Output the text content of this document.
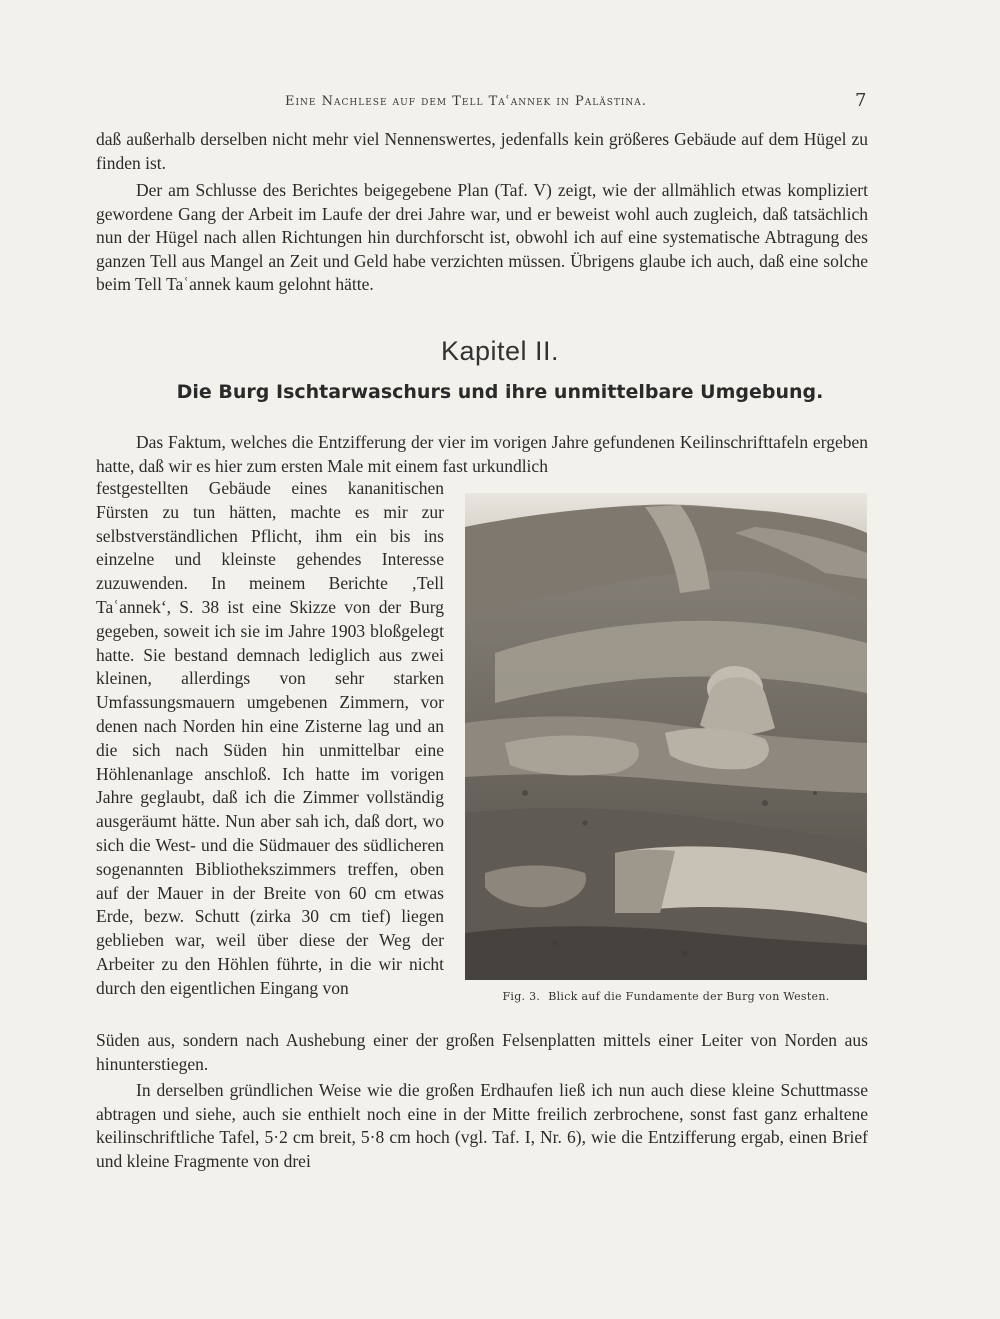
Eine Nachlese auf dem Tell Taʿannek in Palästina.	7

daß außerhalb derselben nicht mehr viel Nennenswertes, jedenfalls kein größeres Gebäude auf dem Hügel zu finden ist.

Der am Schlusse des Berichtes beigegebene Plan (Taf. V) zeigt, wie der allmählich etwas kompliziert gewordene Gang der Arbeit im Laufe der drei Jahre war, und er beweist wohl auch zugleich, daß tatsächlich nun der Hügel nach allen Richtungen hin durchforscht ist, obwohl ich auf eine systematische Abtragung des ganzen Tell aus Mangel an Zeit und Geld habe verzichten müssen. Übrigens glaube ich auch, daß eine solche beim Tell Taʿannek kaum gelohnt hätte.

Kapitel II.
Die Burg Ischtarwaschurs und ihre unmittelbare Umgebung.

Das Faktum, welches die Entzifferung der vier im vorigen Jahre gefundenen Keilinschrifttafeln ergeben hatte, daß wir es hier zum ersten Male mit einem fast urkundlich

festgestellten Gebäude eines kananitischen Fürsten zu tun hätten, machte es mir zur selbstverständlichen Pflicht, ihm ein bis ins einzelne und kleinste gehendes Interesse zuzuwenden. In meinem Berichte ‚Tell Taʿannek‘, S. 38 ist eine Skizze von der Burg gegeben, soweit ich sie im Jahre 1903 bloßgelegt hatte. Sie bestand demnach lediglich aus zwei kleinen, allerdings von sehr starken Umfassungsmauern umgebenen Zimmern, vor denen nach Norden hin eine Zisterne lag und an die sich nach Süden hin unmittelbar eine Höhlenanlage anschloß. Ich hatte im vorigen Jahre geglaubt, daß ich die Zimmer vollständig ausgeräumt hätte. Nun aber sah ich, daß dort, wo sich die West- und die Südmauer des südlicheren sogenannten Bibliothekszimmers treffen, oben auf der Mauer in der Breite von 60 cm etwas Erde, bezw. Schutt (zirka 30 cm tief) liegen geblieben war, weil über diese der Weg der Arbeiter zu den Höhlen führte, in die wir nicht durch den eigentlichen Eingang von	Fig. 3. Blick auf die Fundamente der Burg von Westen.

Süden aus, sondern nach Aushebung einer der großen Felsenplatten mittels einer Leiter von Norden aus hinunterstiegen.

In derselben gründlichen Weise wie die großen Erdhaufen ließ ich nun auch diese kleine Schuttmasse abtragen und siehe, auch sie enthielt noch eine in der Mitte freilich zerbrochene, sonst fast ganz erhaltene keilinschriftliche Tafel, 5·2 cm breit, 5·8 cm hoch (vgl. Taf. I, Nr. 6), wie die Entzifferung ergab, einen Brief und kleine Fragmente von drei
